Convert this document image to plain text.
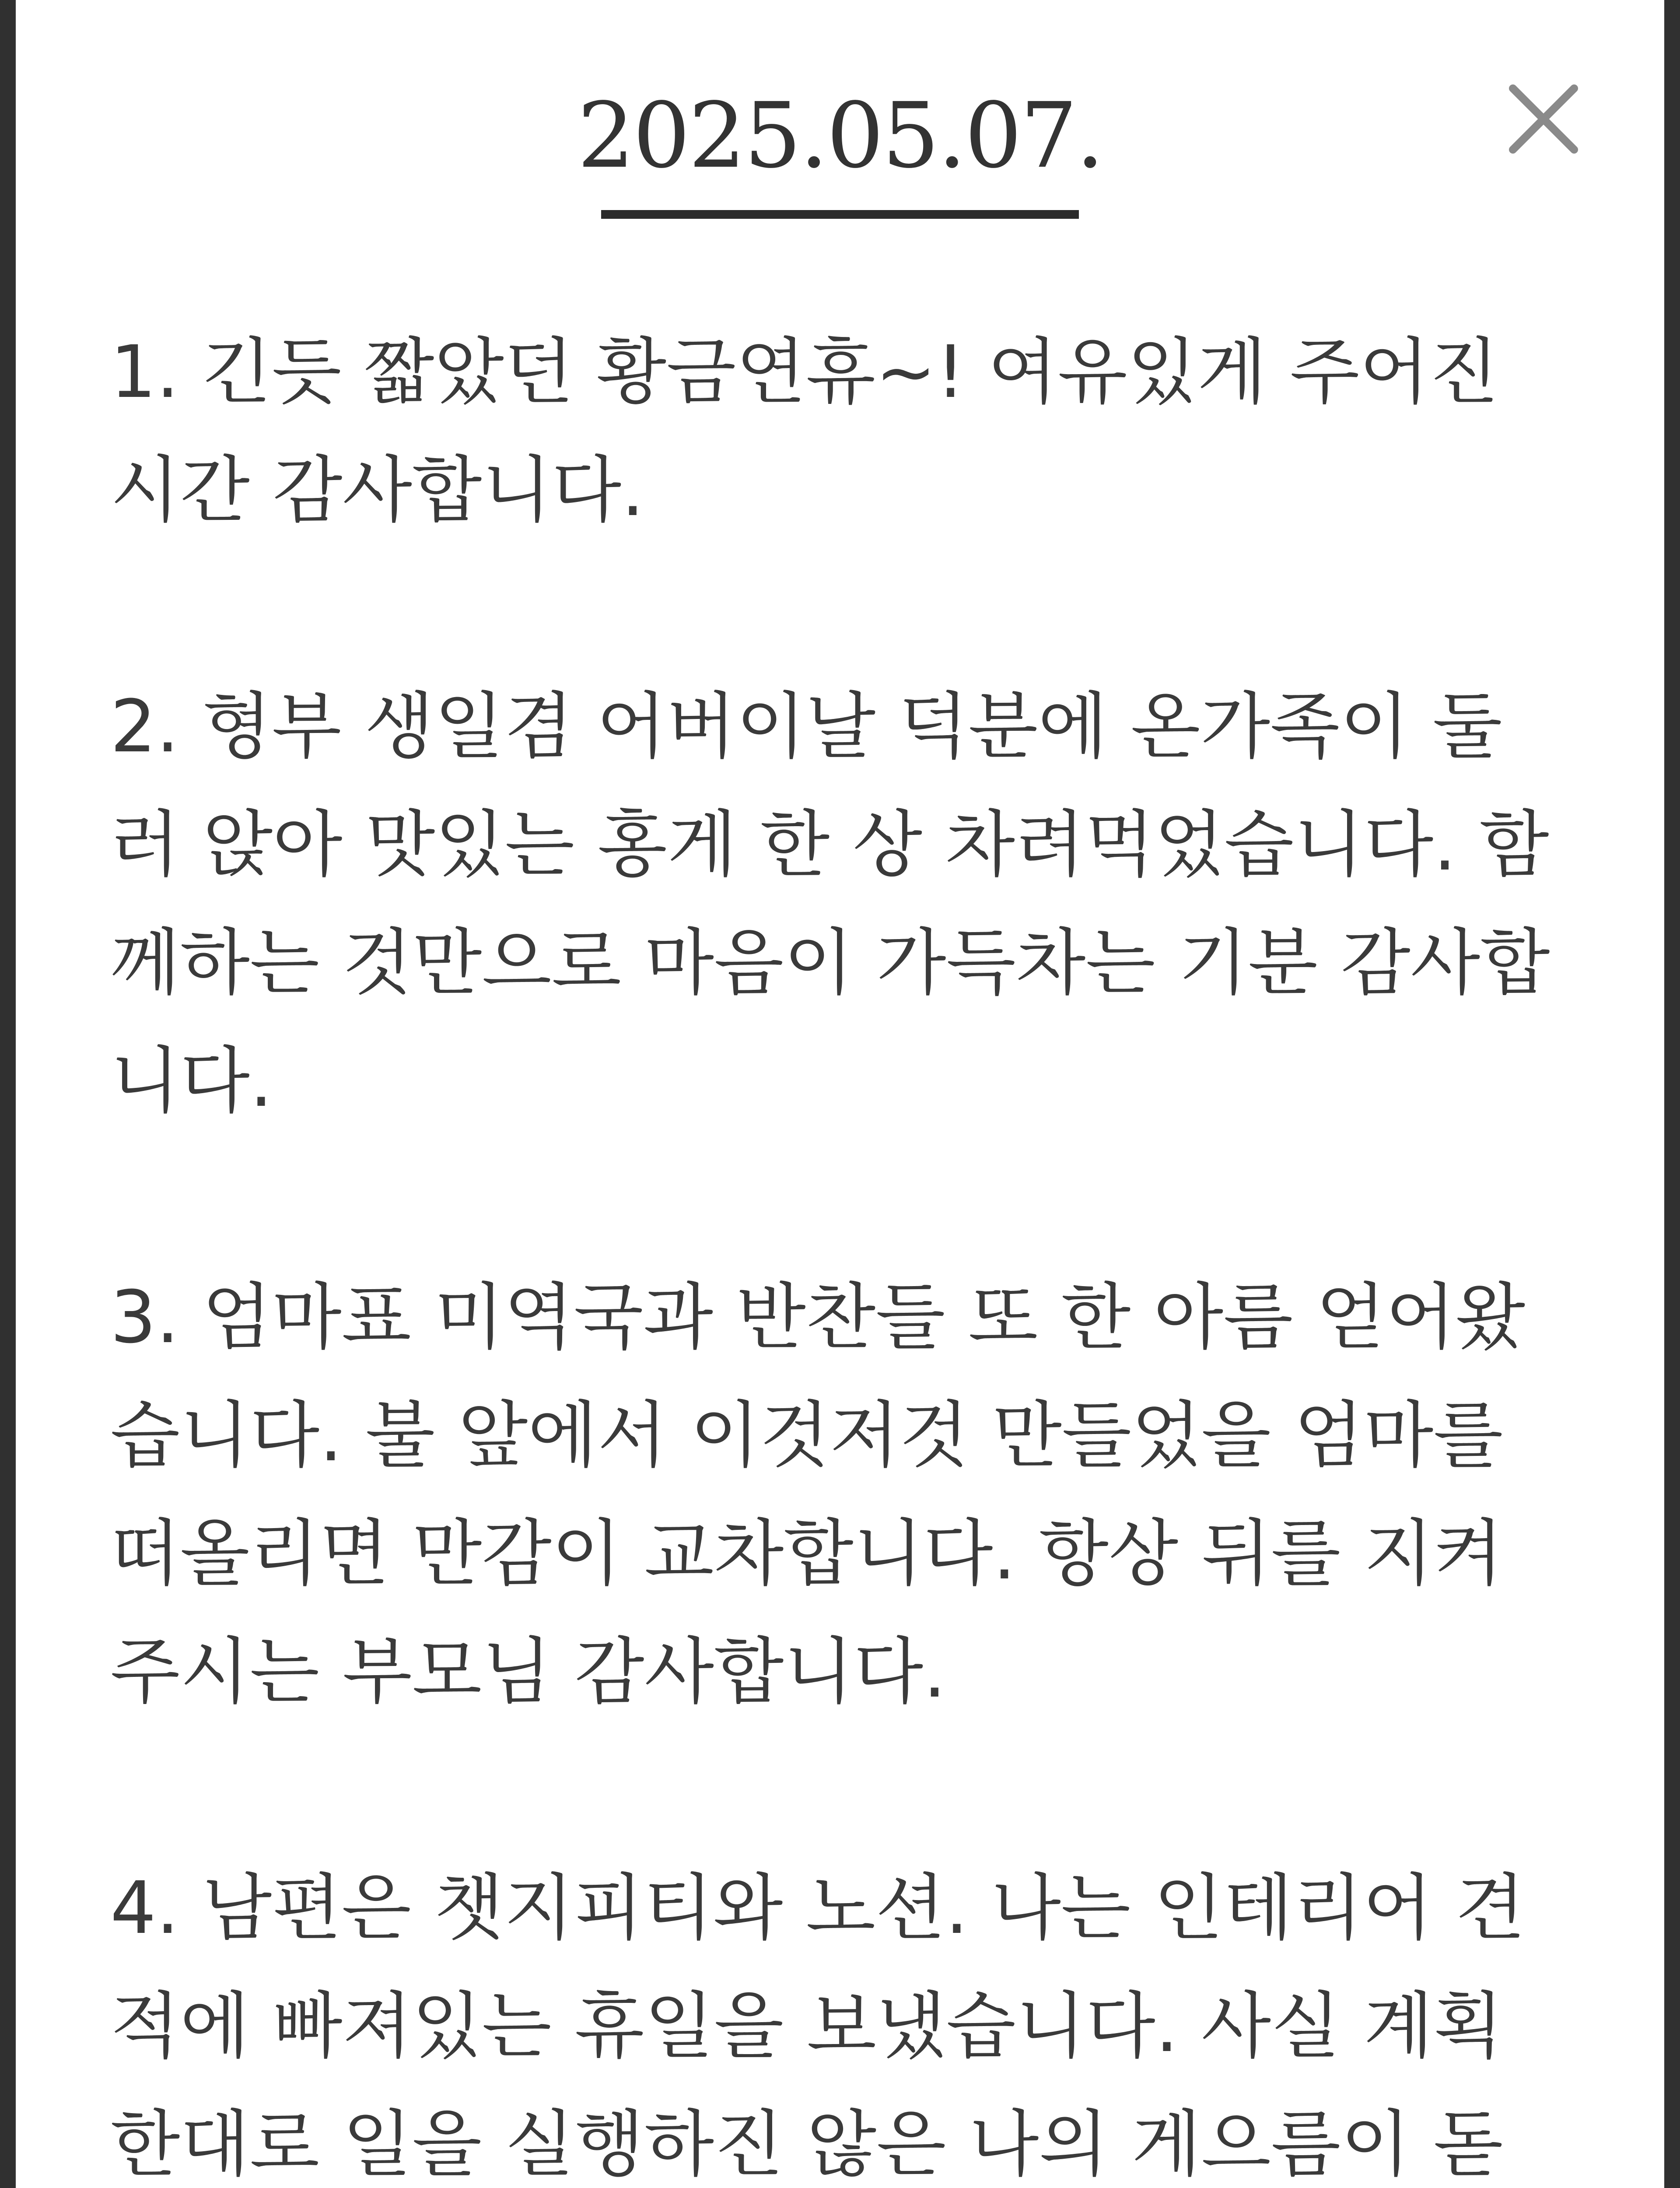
2025.05.07.

1. 긴듯 짧았던 황금연휴~! 여유있게 주어진
시간 감사합니다.

2. 형부 생일겸 어버이날 덕분에 온가족이 둘
러 앉아 맛있는 홍게 한 상 차려먹었습니다. 함
께하는 것만으로 마음이 가득차는 기분 감사합
니다.

3. 엄마표 미역국과 반찬들 또 한 아름 얻어왔
습니다. 불 앞에서 이것저것 만들었을 엄마를
떠올리면 만감이 교차합니다. 항상 뒤를 지켜
주시는 부모님 감사합니다.

4. 남편은 챗지피티와 노션. 나는 인테리어 견
적에 빠져있는 휴일을 보냈습니다. 사실 계획
한대로 일을 실행하진 않은 나의 게으름이 돋
